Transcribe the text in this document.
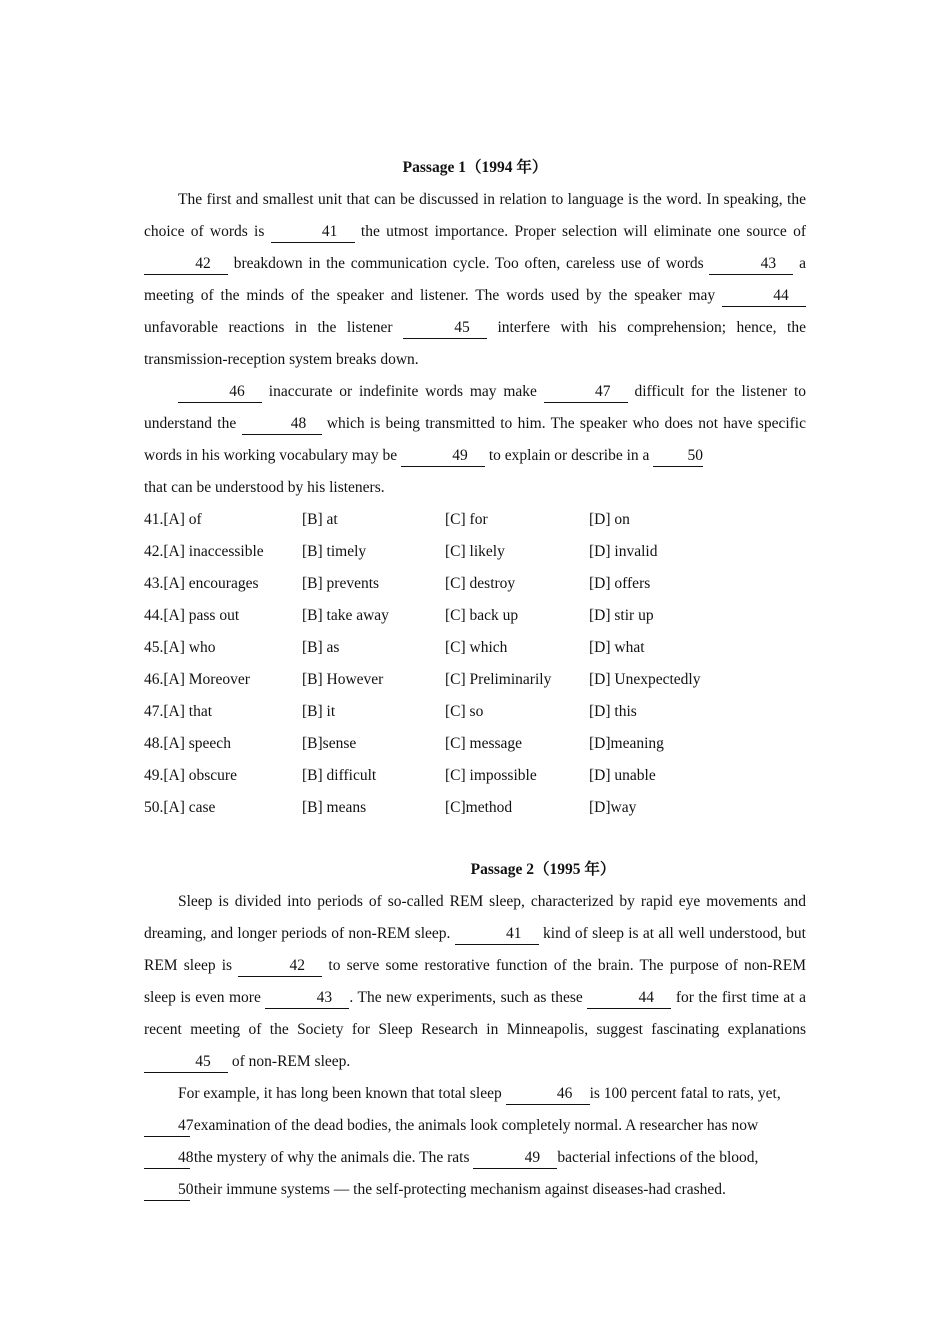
Passage 1（1994 年）

The first and smallest unit that can be discussed in relation to language is the word. In speaking, the choice of words is	41 the utmost importance. Proper selection will eliminate one source of 42 breakdown in the communication cycle. Too often, careless use of words	43 a meeting of the minds of the speaker and listener. The words used by the speaker may	44 unfavorable reactions in the listener	45 interfere with his comprehension; hence, the transmission-reception system breaks down.

46 inaccurate or indefinite words may make	47 difficult for the listener to understand the	48 which is being transmitted to him. The speaker who does not have specific words in his working vocabulary may be	49 to explain or describe in a 50
that can be understood by his listeners.

41.[A] of	[B] at	[C] for	[D] on
42.[A] inaccessible	[B] timely	[C] likely	[D] invalid
43.[A] encourages	[B] prevents	[C] destroy	[D] offers
44.[A] pass out	[B] take away	[C] back up	[D] stir up
45.[A] who	[B] as	[C] which	[D] what
46.[A] Moreover	[B] However	[C] Preliminarily	[D] Unexpectedly
47.[A] that	[B] it	[C] so	[D] this
48.[A] speech	[B]sense	[C] message	[D]meaning
49.[A] obscure	[B] difficult	[C] impossible	[D] unable
50.[A] case	[B] means	[C]method	[D]way
Passage 2（1995 年）

Sleep is divided into periods of so-called REM sleep, characterized by rapid eye movements and dreaming, and longer periods of non-REM sleep.	41 kind of sleep is at all well understood, but REM sleep is	42 to serve some restorative function of the brain. The purpose of non-REM sleep is even more	43 . The new experiments, such as these	44 for the first time at a recent meeting of the Society for Sleep Research in Minneapolis, suggest fascinating explanations 45 of non-REM sleep.

For example, it has long been known that total sleep	46 is 100 percent fatal to rats, yet,
47 examination of the dead bodies, the animals look completely normal. A researcher has now
48 the mystery of why the animals die. The rats	49 bacterial infections of the blood,
50 their immune systems — the self-protecting mechanism against diseases-had crashed.
